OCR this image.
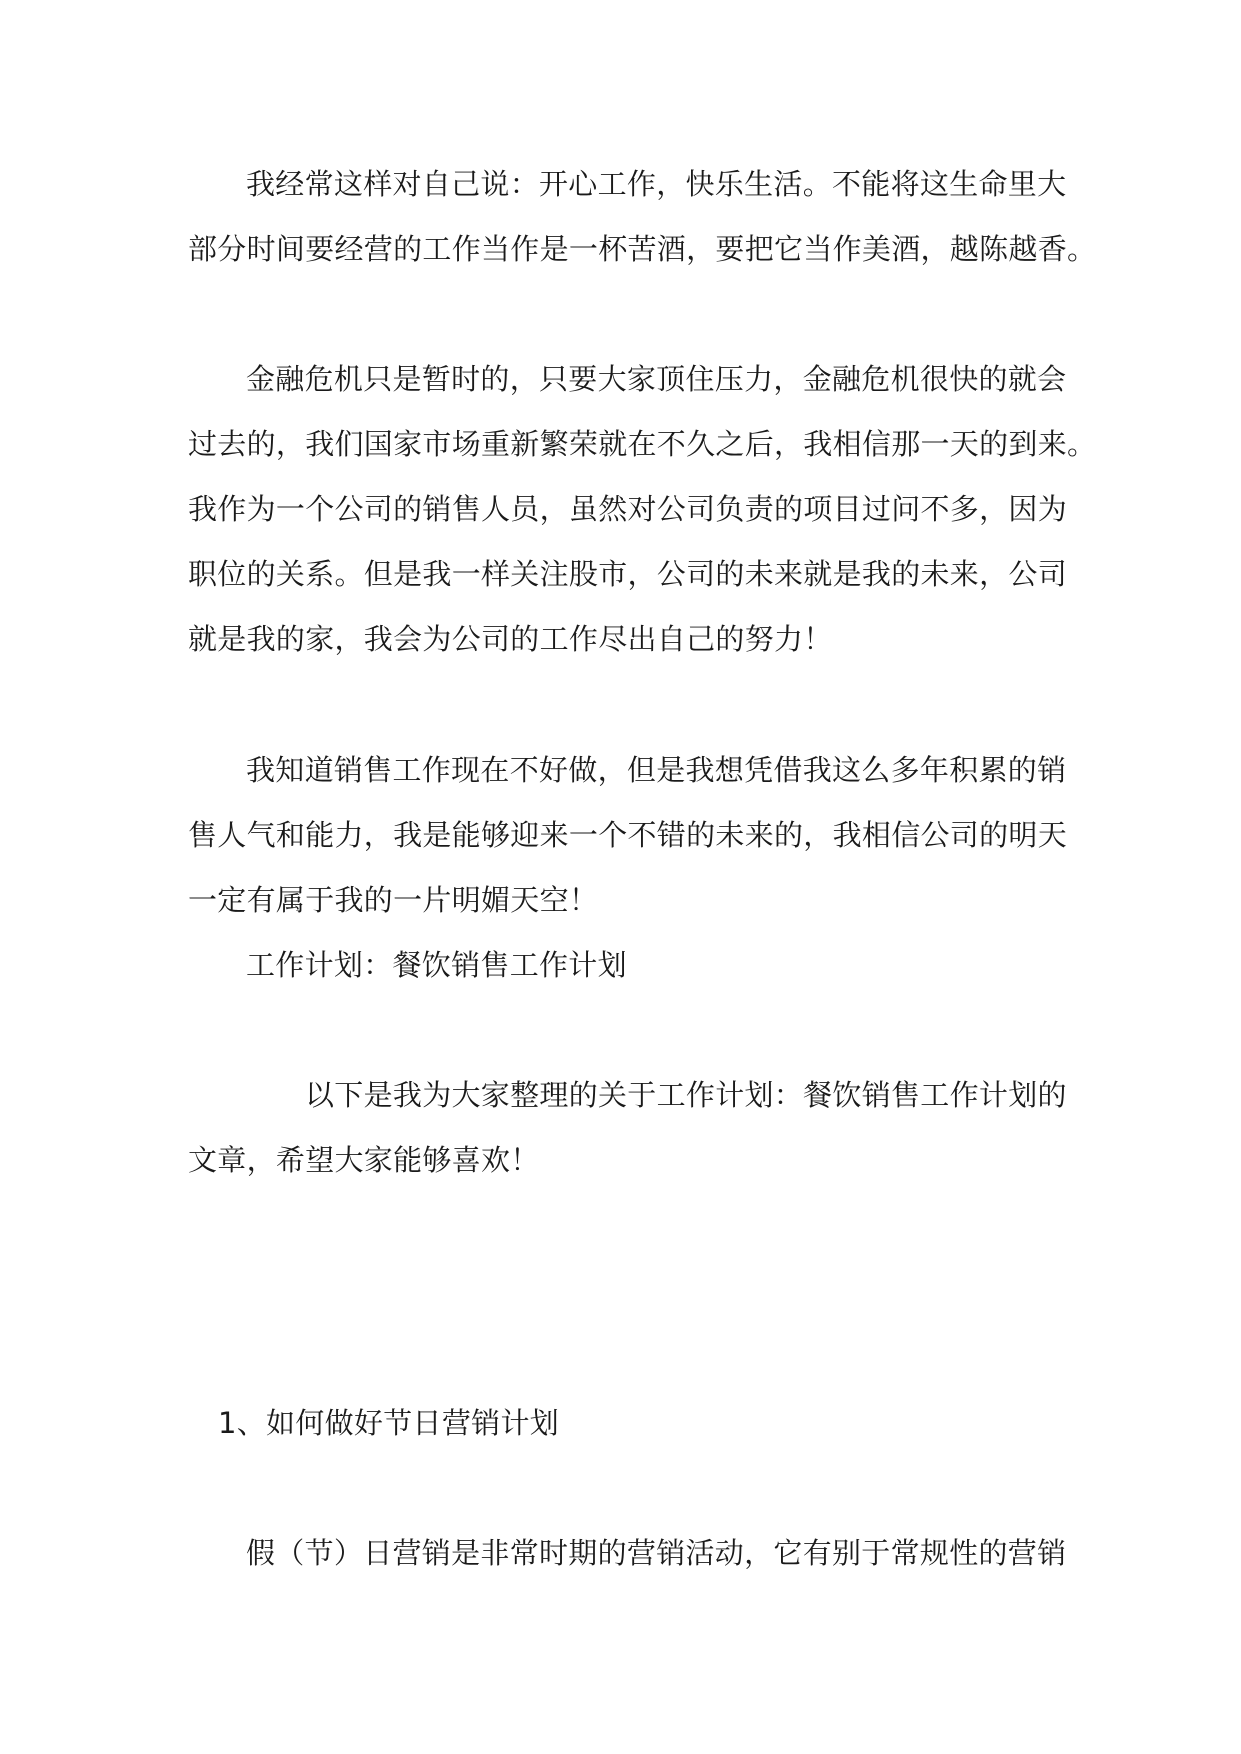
我经常这样对自己说：开心工作，快乐生活。不能将这生命里大
部分时间要经营的工作当作是一杯苦酒，要把它当作美酒，越陈越香。
金融危机只是暂时的，只要大家顶住压力，金融危机很快的就会
过去的，我们国家市场重新繁荣就在不久之后，我相信那一天的到来。
我作为一个公司的销售人员，虽然对公司负责的项目过问不多，因为
职位的关系。但是我一样关注股市，公司的未来就是我的未来，公司
就是我的家，我会为公司的工作尽出自己的努力！
我知道销售工作现在不好做，但是我想凭借我这么多年积累的销
售人气和能力，我是能够迎来一个不错的未来的，我相信公司的明天
一定有属于我的一片明媚天空！
工作计划：餐饮销售工作计划
以下是我为大家整理的关于工作计划：餐饮销售工作计划的
文章，希望大家能够喜欢！
1、如何做好节日营销计划
假（节）日营销是非常时期的营销活动，它有别于常规性的营销
